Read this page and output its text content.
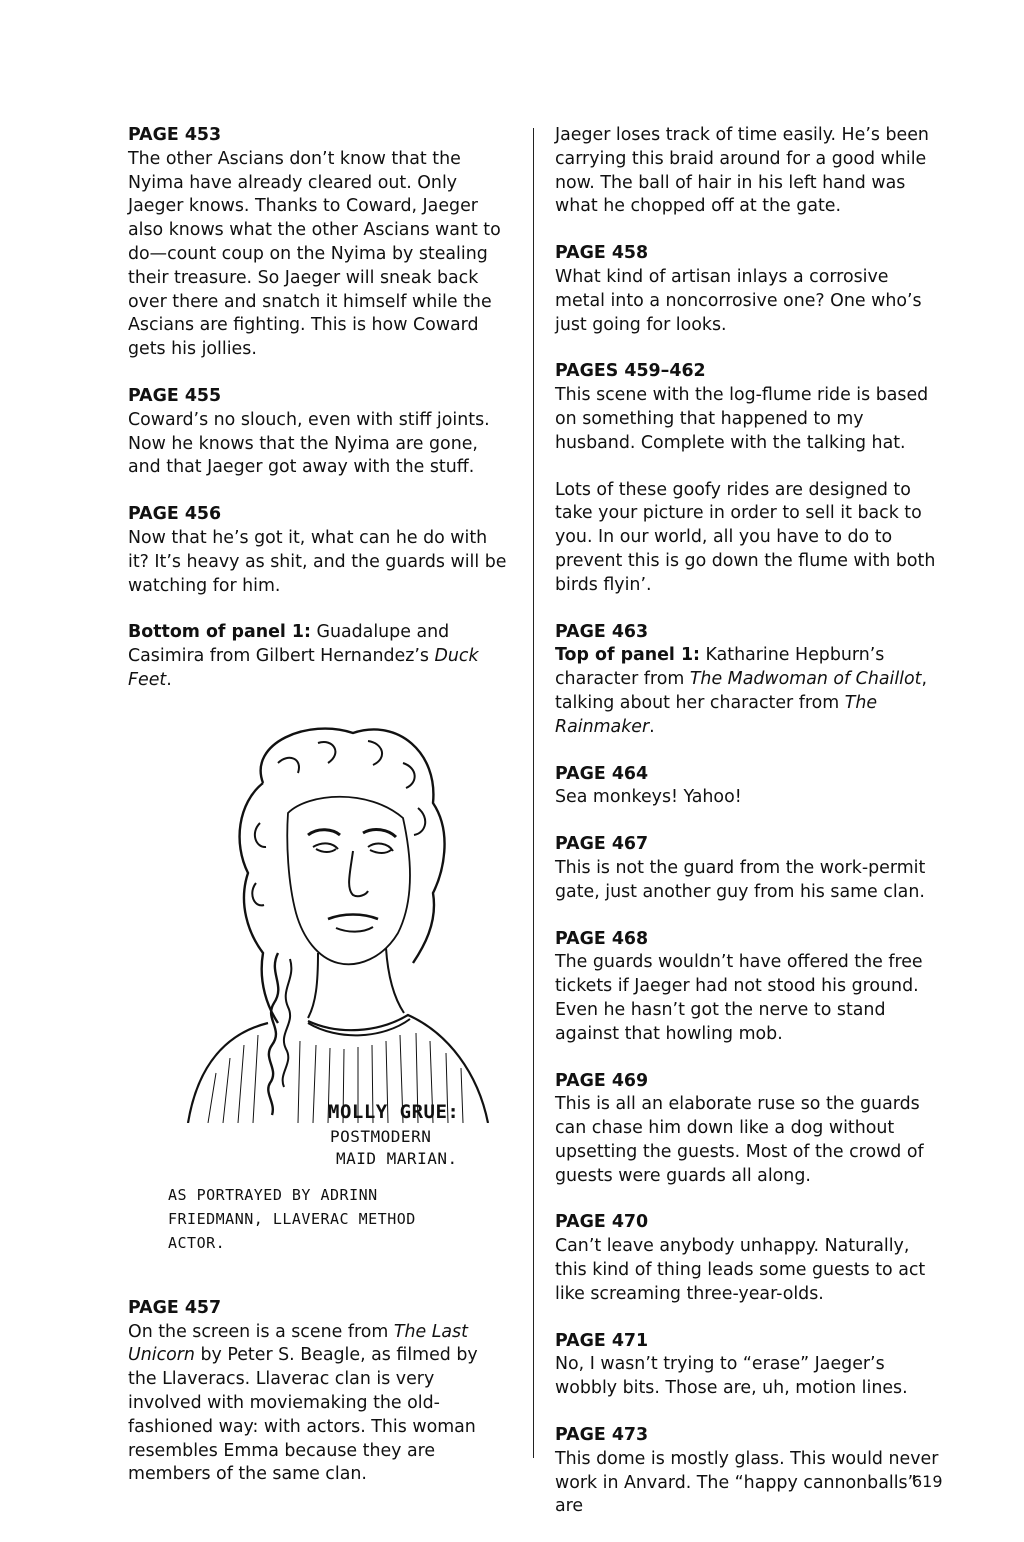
PAGE 453

The other Ascians don’t know that the Nyima have already cleared out. Only Jaeger knows. Thanks to Coward, Jaeger also knows what the other Ascians want to do—count coup on the Nyima by stealing their treasure. So Jaeger will sneak back over there and snatch it himself while the Ascians are fighting. This is how Coward gets his jollies.

PAGE 455

Coward’s no slouch, even with stiff joints. Now he knows that the Nyima are gone, and that Jaeger got away with the stuff.

PAGE 456

Now that he’s got it, what can he do with it? It’s heavy as shit, and the guards will be watching for him.

Bottom of panel 1: Guadalupe and Casimira from Gilbert Hernandez’s Duck Feet.

MOLLY GRUE:
POSTMODERN
MAID MARIAN.
AS PORTRAYED BY ADRINN FRIEDMANN, LLAVERAC METHOD ACTOR.
PAGE 457

On the screen is a scene from The Last Unicorn by Peter S. Beagle, as filmed by the Llaveracs. Llaverac clan is very involved with moviemaking the old-fashioned way: with actors. This woman resembles Emma because they are members of the same clan.

Jaeger loses track of time easily. He’s been carrying this braid around for a good while now. The ball of hair in his left hand was what he chopped off at the gate.

PAGE 458

What kind of artisan inlays a corrosive metal into a noncorrosive one? One who’s just going for looks.

PAGES 459–462

This scene with the log-flume ride is based on something that happened to my husband. Complete with the talking hat.

Lots of these goofy rides are designed to take your picture in order to sell it back to you. In our world, all you have to do to prevent this is go down the flume with both birds flyin’.

PAGE 463

Top of panel 1: Katharine Hepburn’s character from The Madwoman of Chaillot, talking about her character from The Rainmaker.

PAGE 464

Sea monkeys! Yahoo!

PAGE 467

This is not the guard from the work-permit gate, just another guy from his same clan.

PAGE 468

The guards wouldn’t have offered the free tickets if Jaeger had not stood his ground. Even he hasn’t got the nerve to stand against that howling mob.

PAGE 469

This is all an elaborate ruse so the guards can chase him down like a dog without upsetting the guests. Most of the crowd of guests were guards all along.

PAGE 470

Can’t leave anybody unhappy. Naturally, this kind of thing leads some guests to act like screaming three-year-olds.

PAGE 471

No, I wasn’t trying to “erase” Jaeger’s wobbly bits. Those are, uh, motion lines.

PAGE 473

This dome is mostly glass. This would never work in Anvard. The “happy cannonballs” are

619
